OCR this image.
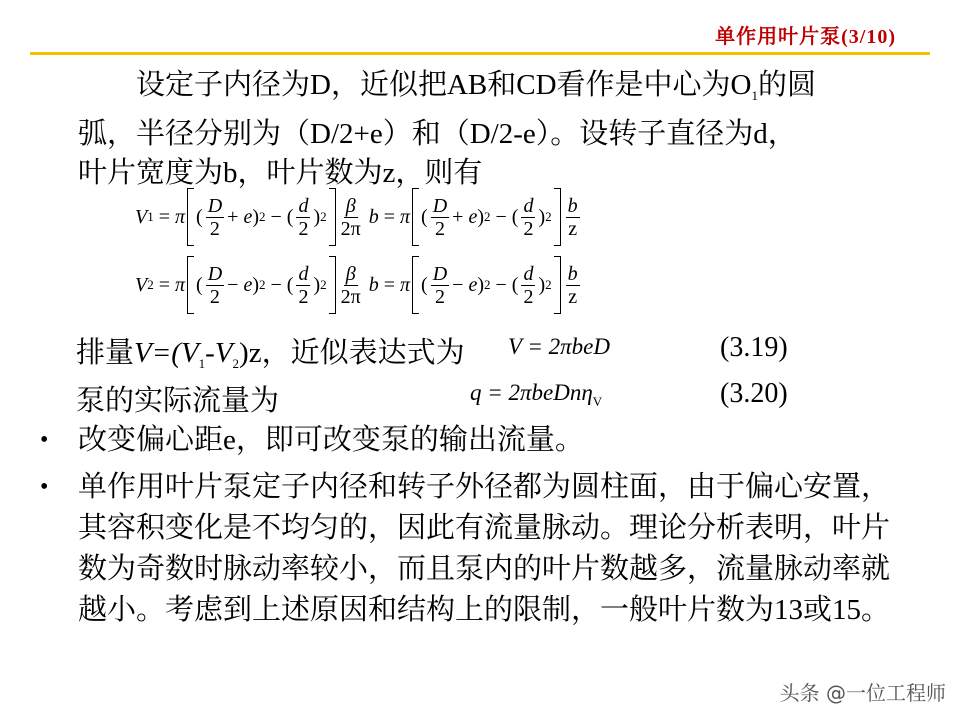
单作用叶片泵(3/10)
设定子内径为D，近似把AB和CD看作是中心为$O_1$的圆
弧，半径分别为（D/2+e）和（D/2-e）。设转子直径为d，
叶片宽度为b，叶片数为z，则有
V 1
=
π ( $\frac{D}{2}$ +
e ) 2
−
( $\frac{d}{2}$ ) $2 \frac{\beta}{2\pi}$
b
=
π ( $\frac{D}{2}$ +
e ) 2
−
( $\frac{d}{2}$ ) $2 \frac{b}{z}$
V 2
=
π ( $\frac{D}{2}$ −
e ) 2
−
( $\frac{d}{2}$ ) $2 \frac{\beta}{2\pi}$
b
=
π ( $\frac{D}{2}$ −
e ) 2
−
( $\frac{d}{2}$ ) $2 \frac{b}{z}$
排量$V=(V_1-V_2)z$，近似表达式为 V = 2πbeD	(3.19)
泵的实际流量为	q = 2πbeDnη$_V$	(3.20)
•	改变偏心距e，即可改变泵的输出流量。
•	单作用叶片泵定子内径和转子外径都为圆柱面，由于偏心安置，其容积变化是不均匀的，因此有流量脉动。理论分析表明，叶片数为奇数时脉动率较小，而且泵内的叶片数越多，流量脉动率就越小。考虑到上述原因和结构上的限制，一般叶片数为13或15。
头条 @一位工程师
